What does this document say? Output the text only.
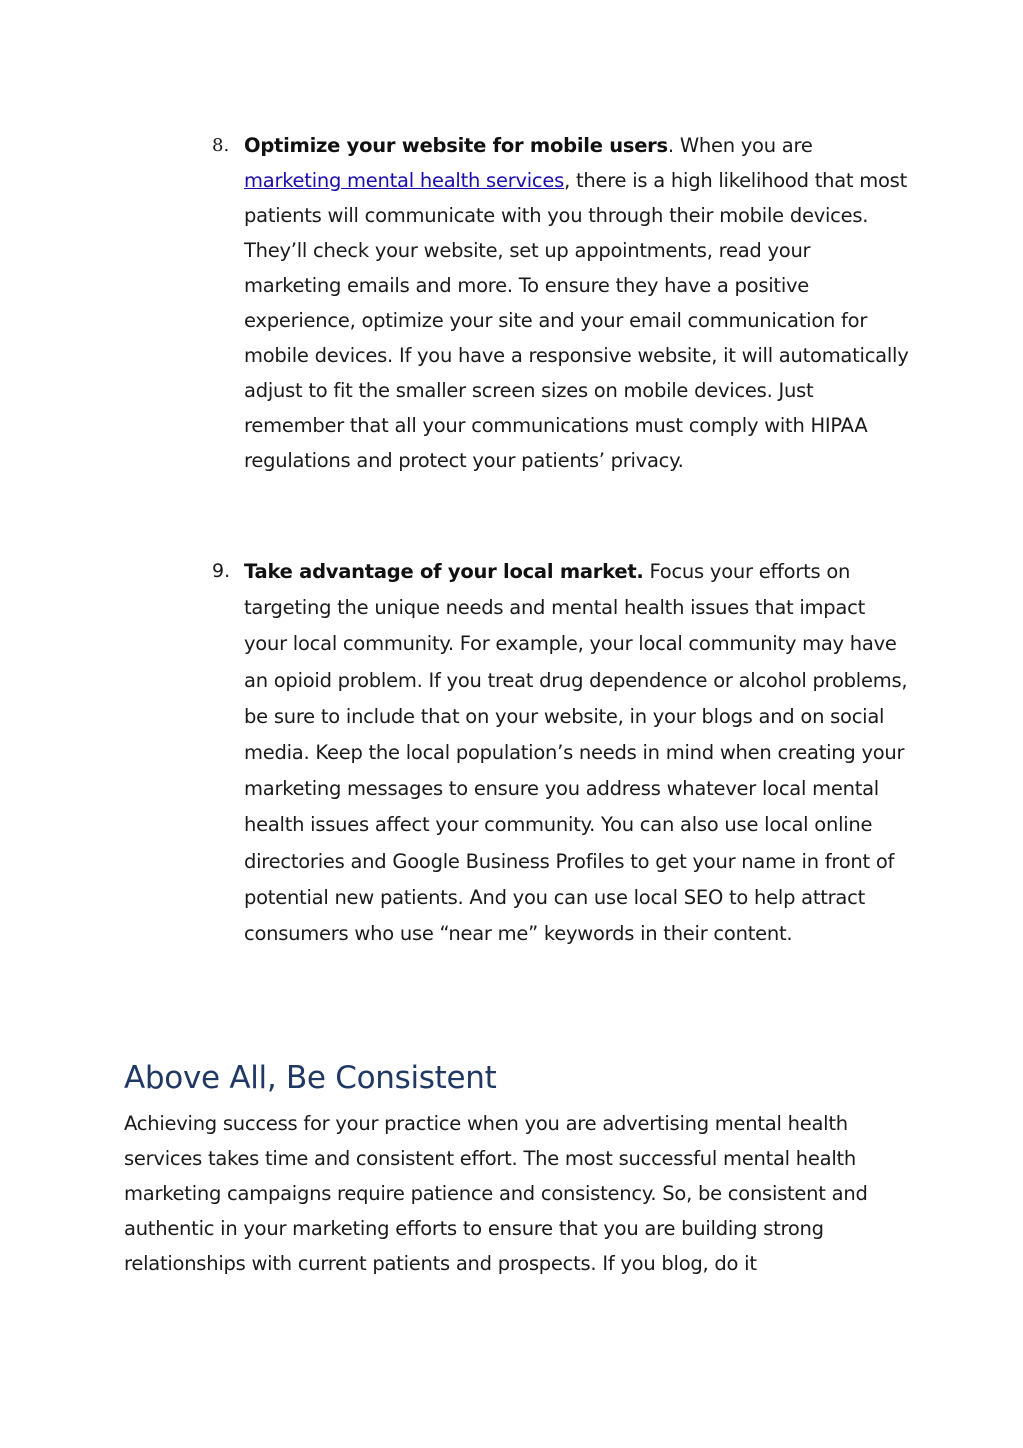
8. Optimize your website for mobile users. When you are marketing mental health services, there is a high likelihood that most patients will communicate with you through their mobile devices. They’ll check your website, set up appointments, read your marketing emails and more. To ensure they have a positive experience, optimize your site and your email communication for mobile devices. If you have a responsive website, it will automatically adjust to fit the smaller screen sizes on mobile devices. Just remember that all your communications must comply with HIPAA regulations and protect your patients’ privacy.
9. Take advantage of your local market. Focus your efforts on targeting the unique needs and mental health issues that impact your local community. For example, your local community may have an opioid problem. If you treat drug dependence or alcohol problems, be sure to include that on your website, in your blogs and on social media. Keep the local population’s needs in mind when creating your marketing messages to ensure you address whatever local mental health issues affect your community. You can also use local online directories and Google Business Profiles to get your name in front of potential new patients. And you can use local SEO to help attract consumers who use “near me” keywords in their content.
Above All, Be Consistent

Achieving success for your practice when you are advertising mental health services takes time and consistent effort. The most successful mental health marketing campaigns require patience and consistency. So, be consistent and authentic in your marketing efforts to ensure that you are building strong relationships with current patients and prospects. If you blog, do it
